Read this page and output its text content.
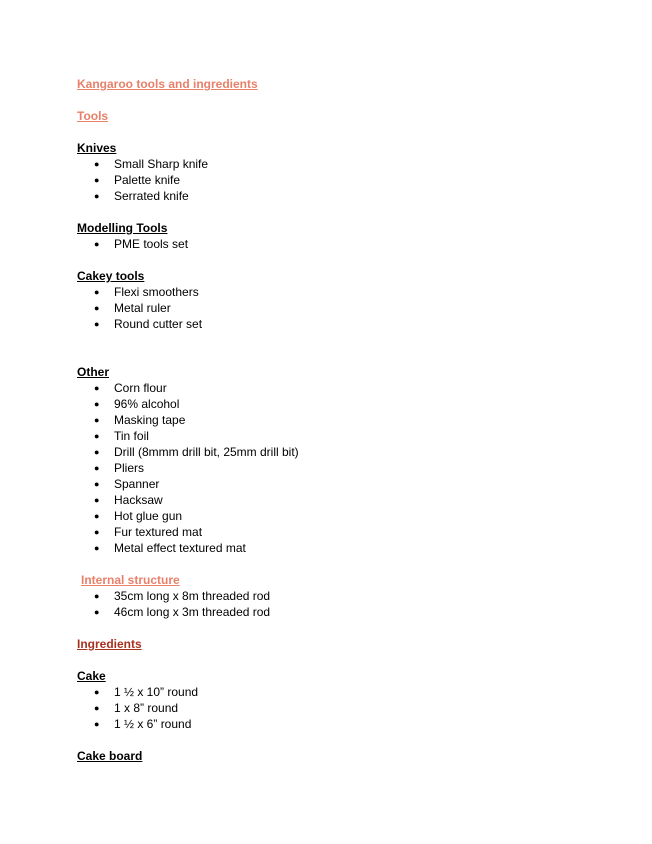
Kangaroo tools and ingredients
Tools
Knives
● Small Sharp knife
● Palette knife
● Serrated knife
Modelling Tools
● PME tools set
Cakey tools
● Flexi smoothers
● Metal ruler
● Round cutter set
Other
● Corn flour
● 96% alcohol
● Masking tape
● Tin foil
● Drill (8mmm drill bit, 25mm drill bit)
● Pliers
● Spanner
● Hacksaw
● Hot glue gun
● Fur textured mat
● Metal effect textured mat
Internal structure
● 35cm long x 8m threaded rod
● 46cm long x 3m threaded rod
Ingredients
Cake
● 1 ½ x 10” round
● 1 x 8” round
● 1 ½ x 6” round
Cake board
